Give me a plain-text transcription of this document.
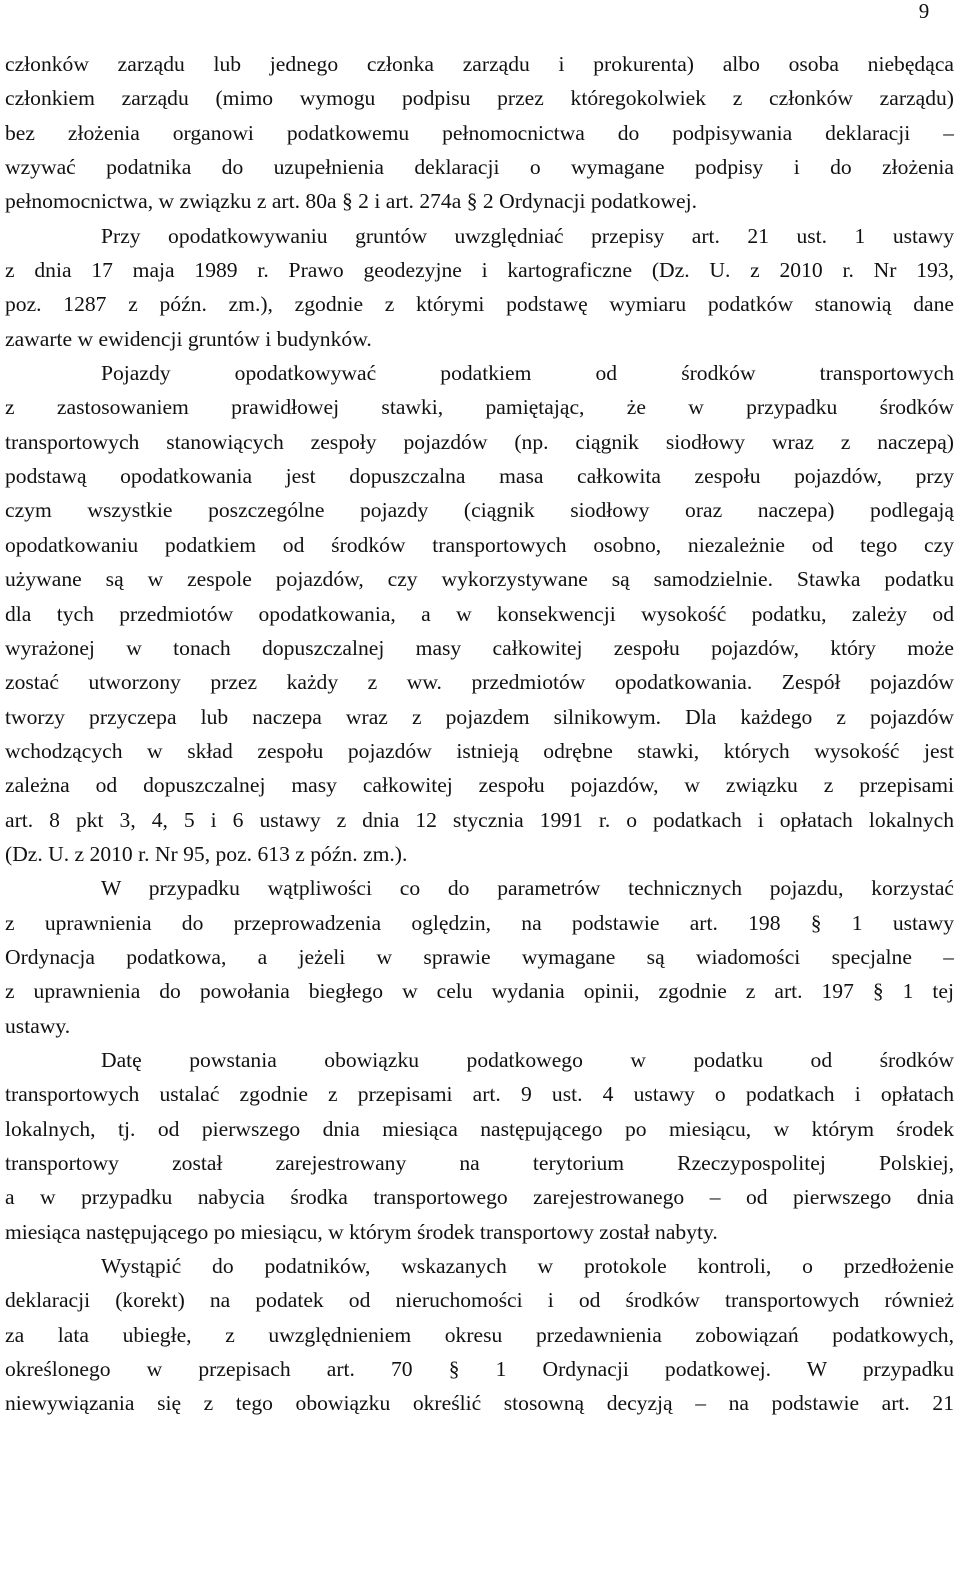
9
członków zarządu lub jednego członka zarządu i prokurenta) albo osoba niebędąca
członkiem zarządu (mimo wymogu podpisu przez któregokolwiek z członków zarządu)
bez złożenia organowi podatkowemu pełnomocnictwa do podpisywania deklaracji –
wzywać podatnika do uzupełnienia deklaracji o wymagane podpisy i do złożenia
pełnomocnictwa, w związku z art. 80a § 2 i art. 274a § 2 Ordynacji podatkowej.
Przy opodatkowywaniu gruntów uwzględniać przepisy art. 21 ust. 1 ustawy
z dnia 17 maja 1989 r. Prawo geodezyjne i kartograficzne (Dz. U. z 2010 r. Nr 193,
poz. 1287 z późn. zm.), zgodnie z którymi podstawę wymiaru podatków stanowią dane
zawarte w ewidencji gruntów i budynków.
Pojazdy opodatkowywać podatkiem od środków transportowych
z zastosowaniem prawidłowej stawki, pamiętając, że w przypadku środków
transportowych stanowiących zespoły pojazdów (np. ciągnik siodłowy wraz z naczepą)
podstawą opodatkowania jest dopuszczalna masa całkowita zespołu pojazdów, przy
czym wszystkie poszczególne pojazdy (ciągnik siodłowy oraz naczepa) podlegają
opodatkowaniu podatkiem od środków transportowych osobno, niezależnie od tego czy
używane są w zespole pojazdów, czy wykorzystywane są samodzielnie. Stawka podatku
dla tych przedmiotów opodatkowania, a w konsekwencji wysokość podatku, zależy od
wyrażonej w tonach dopuszczalnej masy całkowitej zespołu pojazdów, który może
zostać utworzony przez każdy z ww. przedmiotów opodatkowania. Zespół pojazdów
tworzy przyczepa lub naczepa wraz z pojazdem silnikowym. Dla każdego z pojazdów
wchodzących w skład zespołu pojazdów istnieją odrębne stawki, których wysokość jest
zależna od dopuszczalnej masy całkowitej zespołu pojazdów, w związku z przepisami
art. 8 pkt 3, 4, 5 i 6 ustawy z dnia 12 stycznia 1991 r. o podatkach i opłatach lokalnych
(Dz. U. z 2010 r. Nr 95, poz. 613 z późn. zm.).
W przypadku wątpliwości co do parametrów technicznych pojazdu, korzystać
z uprawnienia do przeprowadzenia oględzin, na podstawie art. 198 § 1 ustawy
Ordynacja podatkowa, a jeżeli w sprawie wymagane są wiadomości specjalne –
z uprawnienia do powołania biegłego w celu wydania opinii, zgodnie z art. 197 § 1 tej
ustawy.
Datę powstania obowiązku podatkowego w podatku od środków
transportowych ustalać zgodnie z przepisami art. 9 ust. 4 ustawy o podatkach i opłatach
lokalnych, tj. od pierwszego dnia miesiąca następującego po miesiącu, w którym środek
transportowy został zarejestrowany na terytorium Rzeczypospolitej Polskiej,
a w przypadku nabycia środka transportowego zarejestrowanego – od pierwszego dnia
miesiąca następującego po miesiącu, w którym środek transportowy został nabyty.
Wystąpić do podatników, wskazanych w protokole kontroli, o przedłożenie
deklaracji (korekt) na podatek od nieruchomości i od środków transportowych również
za lata ubiegłe, z uwzględnieniem okresu przedawnienia zobowiązań podatkowych,
określonego w przepisach art. 70 § 1 Ordynacji podatkowej. W przypadku
niewywiązania się z tego obowiązku określić stosowną decyzją – na podstawie art. 21
